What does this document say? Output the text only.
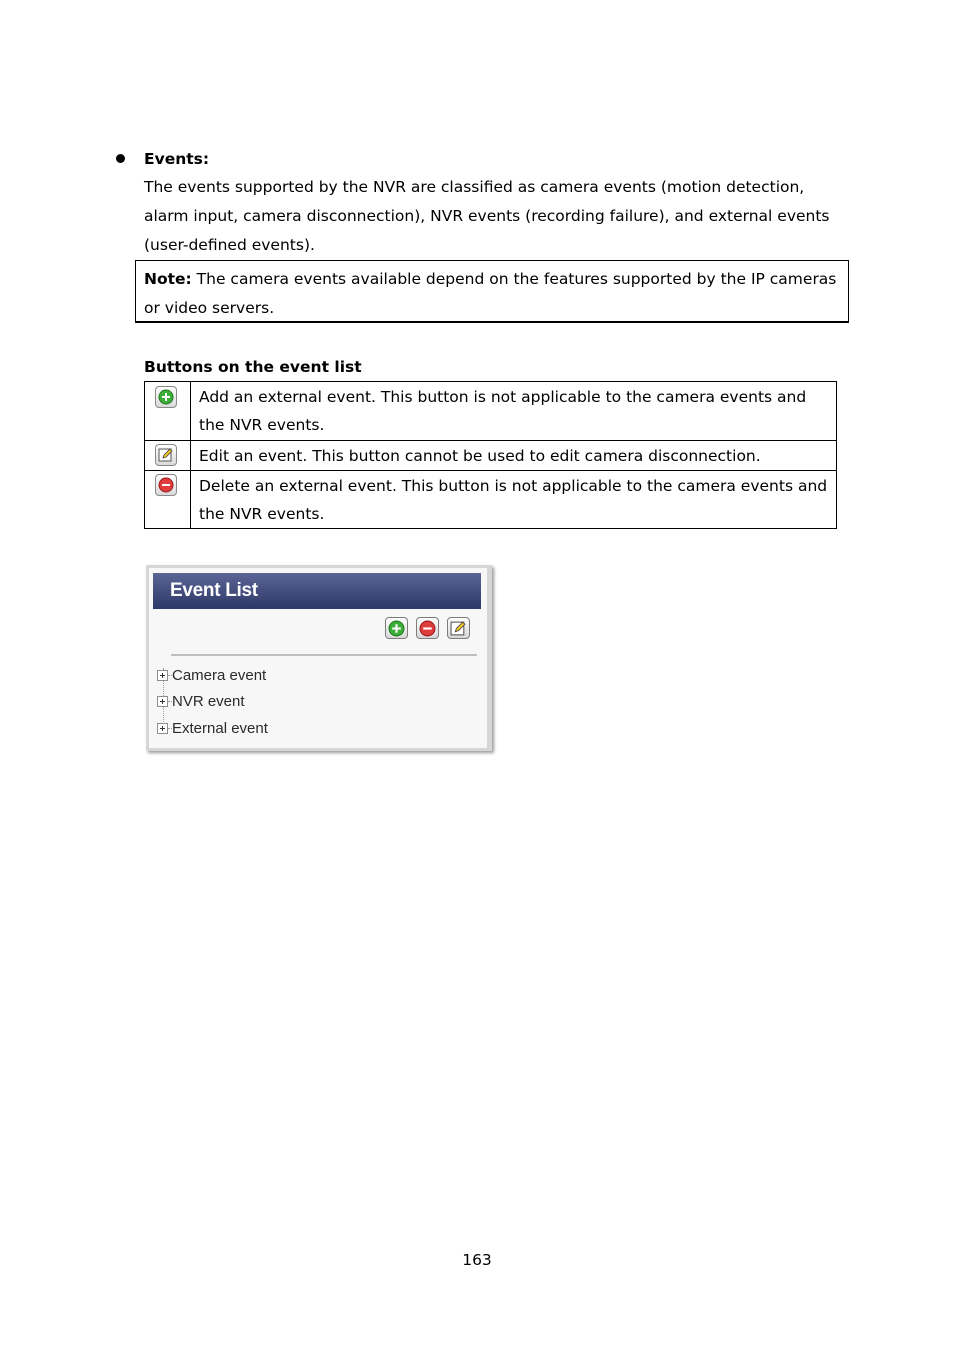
Events:
The events supported by the NVR are classified as camera events (motion detection, alarm input, camera disconnection), NVR events (recording failure), and external events (user-defined events).
Note: The camera events available depend on the features supported by the IP cameras or video servers.
Buttons on the event list
	Add an external event. This button is not applicable to the camera events and the NVR events.

	Edit an event. This button cannot be used to edit camera disconnection.

	Delete an external event. This button is not applicable to the camera events and the NVR events.
Event List
Camera event
NVR event
External event
163
